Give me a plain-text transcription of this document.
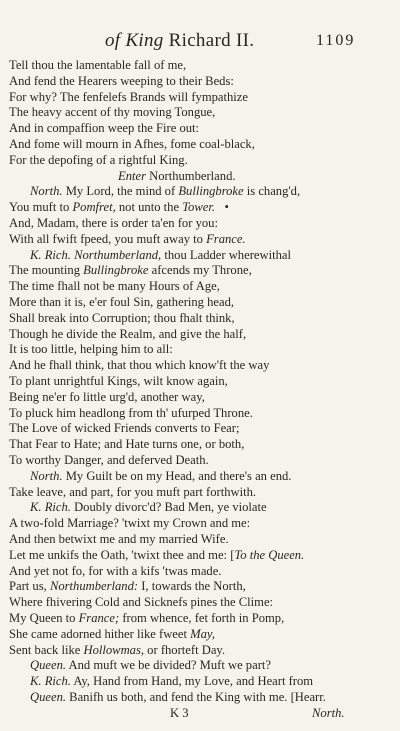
of King Richard II.	1109
Tell thou the lamentable fall of me,
And fend the Hearers weeping to their Beds:
For why? The fenfelefs Brands will fympathize
The heavy accent of thy moving Tongue,
And in compaffion weep the Fire out:
And fome will mourn in Afhes, fome coal-black,
For the depofing of a rightful King.
Enter Northumberland.
North. My Lord, the mind of Bullingbroke is chang'd,
You muft to Pomfret, not unto the Tower.   •
And, Madam, there is order ta'en for you:
With all fwift fpeed, you muft away to France.
K. Rich. Northumberland, thou Ladder wherewithal
The mounting Bullingbroke afcends my Throne,
The time fhall not be many Hours of Age,
More than it is, e'er foul Sin, gathering head,
Shall break into Corruption; thou fhalt think,
Though he divide the Realm, and give the half,
It is too little, helping him to all:
And he fhall think, that thou which know'ft the way
To plant unrightful Kings, wilt know again,
Being ne'er fo little urg'd, another way,
To pluck him headlong from th' ufurped Throne.
The Love of wicked Friends converts to Fear;
That Fear to Hate; and Hate turns one, or both,
To worthy Danger, and deferved Death.
North. My Guilt be on my Head, and there's an end.
Take leave, and part, for you muft part forthwith.
K. Rich. Doubly divorc'd? Bad Men, ye violate
A two-fold Marriage? 'twixt my Crown and me:
And then betwixt me and my married Wife.
Let me unkifs the Oath, 'twixt thee and me: [To the Queen.
And yet not fo, for with a kifs 'twas made.
Part us, Northumberland: I, towards the North,
Where fhivering Cold and Sicknefs pines the Clime:
My Queen to France; from whence, fet forth in Pomp,
She came adorned hither like fweet May,
Sent back like Hollowmas, or fhorteft Day.
Queen. And muft we be divided? Muft we part?
K. Rich. Ay, Hand from Hand, my Love, and Heart from
Queen. Banifh us both, and fend the King with me. [Hearr.
K 3	North.
